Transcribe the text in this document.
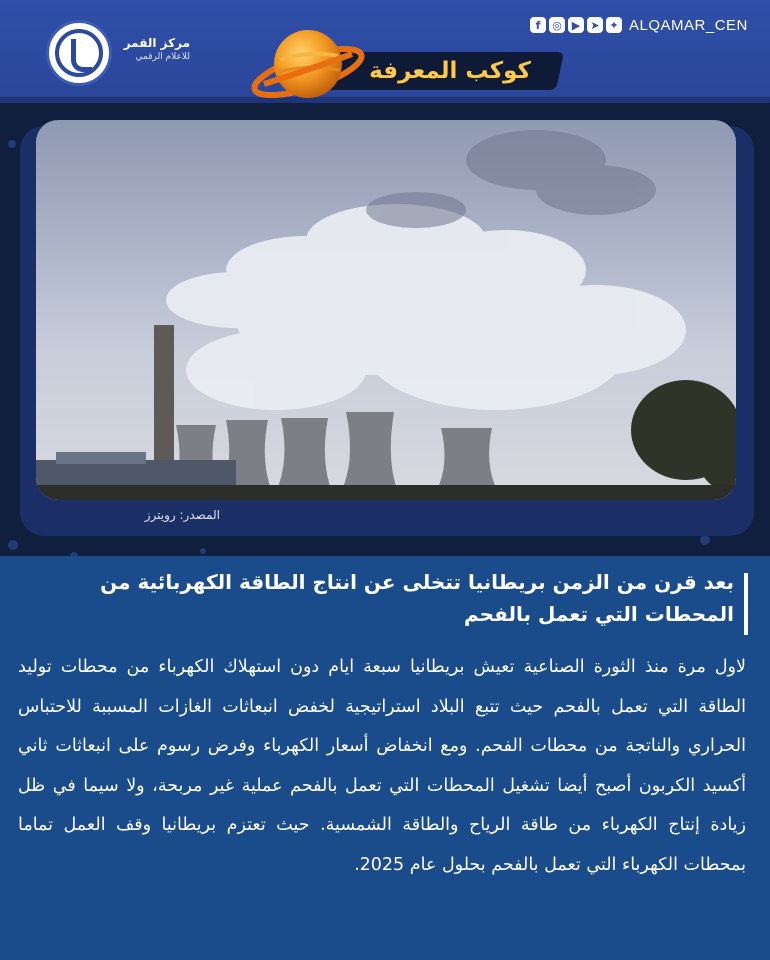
مركز القمر
للاعلام الرقمي
f	◎ ▶ ➤ ✦ ALQAMAR_CEN
كوكب المعرفة
المصدر: رويترز
بعد قرن من الزمن بريطانيا تتخلى عن انتاج الطاقة الكهربائية من المحطات التي تعمل بالفحم
لاول مرة منذ الثورة الصناعية تعيش بريطانيا سبعة ايام دون استهلاك الكهرباء من محطات توليد الطاقة التي تعمل بالفحم حيث تتبع البلاد استراتيجية لخفض انبعاثات الغازات المسببة للاحتباس الحراري والناتجة من محطات الفحم. ومع انخفاض أسعار الكهرباء وفرض رسوم على انبعاثات ثاني أكسيد الكربون أصبح أيضا تشغيل المحطات التي تعمل بالفحم عملية غير مربحة، ولا سيما في ظل زيادة إنتاج الكهرباء من طاقة الرياح والطاقة الشمسية. حيث تعتزم بريطانيا وقف العمل تماما بمحطات الكهرباء التي تعمل بالفحم بحلول عام 2025.
